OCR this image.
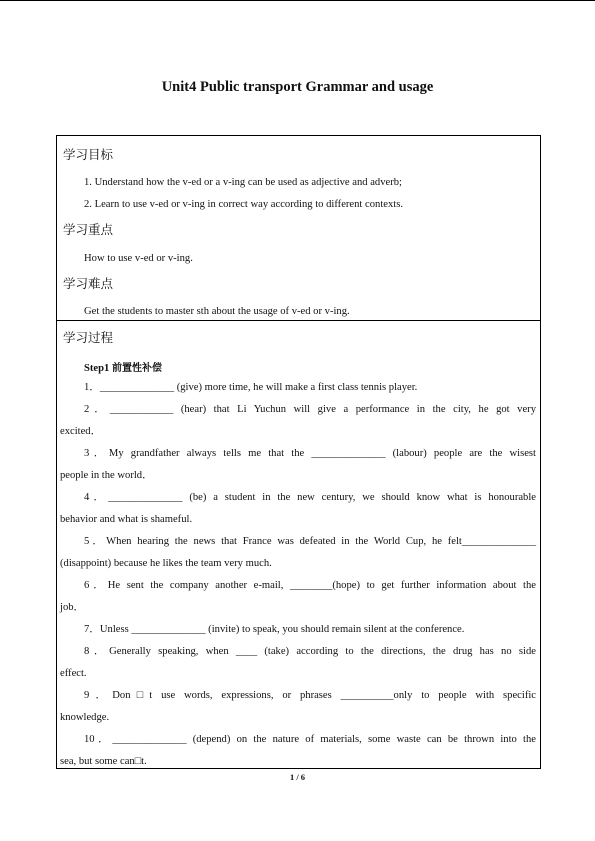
Unit4 Public transport Grammar and usage
学习目标
1. Understand how the v-ed or a v-ing can be used as adjective and adverb;
2. Learn to use v-ed or v-ing in correct way according to different contexts.
学习重点
How to use v-ed or v-ing.
学习难点
Get the students to master sth about the usage of v-ed or v-ing.
学习过程
Step1 前置性补偿
1．______________ (give) more time, he will make a first class tennis player.
2．____________ (hear) that Li Yuchun will give a performance in the city, he got very
excited．
3．My grandfather always tells me that the ______________ (labour) people are the wisest
people in the world．
4．______________ (be) a student in the new century, we should know what is honourable
behavior and what is shameful.
5．When hearing the news that France was defeated in the World Cup, he felt______________
(disappoint) because he likes the team very much.
6．He sent the company another e-mail, ________(hope) to get further information about the
job．
7．Unless ______________ (invite) to speak, you should remain silent at the conference.
8．Generally speaking, when ____ (take) according to the directions, the drug has no side
effect.
9．Don□t use words, expressions, or phrases __________only to people with specific
knowledge.
10．______________ (depend) on the nature of materials, some waste can be thrown into the
sea, but some can□t.
1 / 6
